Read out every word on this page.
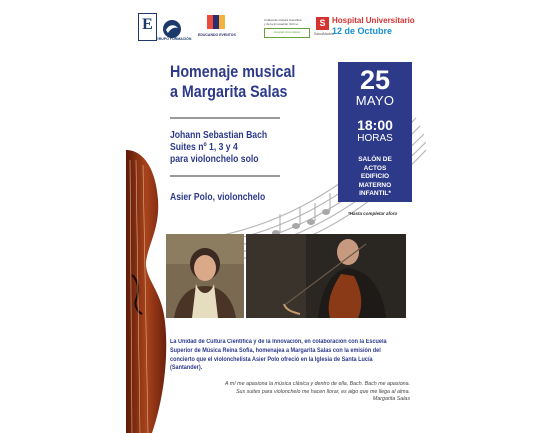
E
GRUPO FORMACIÓN
EDUCANDO EVENTOS
Unidad de Cultura Científica
y de la Innovación UCC+i
Hospital Universitario
S
SaludMadrid
Hospital Universitario
12 de Octubre
Homenaje musical
a Margarita Salas
Johann Sebastian Bach
Suites nº 1, 3 y 4
para violonchelo solo
Asier Polo, violonchelo
25
MAYO
18:00
HORAS
SALÓN DE
ACTOS
EDIFICIO
MATERNO
INFANTIL*
*Hasta completar aforo
La Unidad de Cultura Científica y de la Innovación, en colaboración con la Escuela Superior de Música Reina Sofía, homenajea a Margarita Salas con la emisión del concierto que el violonchelista Asier Polo ofreció en la Iglesia de Santa Lucía (Santander).
A mí me apasiona la música clásica y dentro de ella, Bach. Bach me apasiona.
Sus suites para violonchelo me hacen llorar, es algo que me llega al alma.
Margarita Salas
